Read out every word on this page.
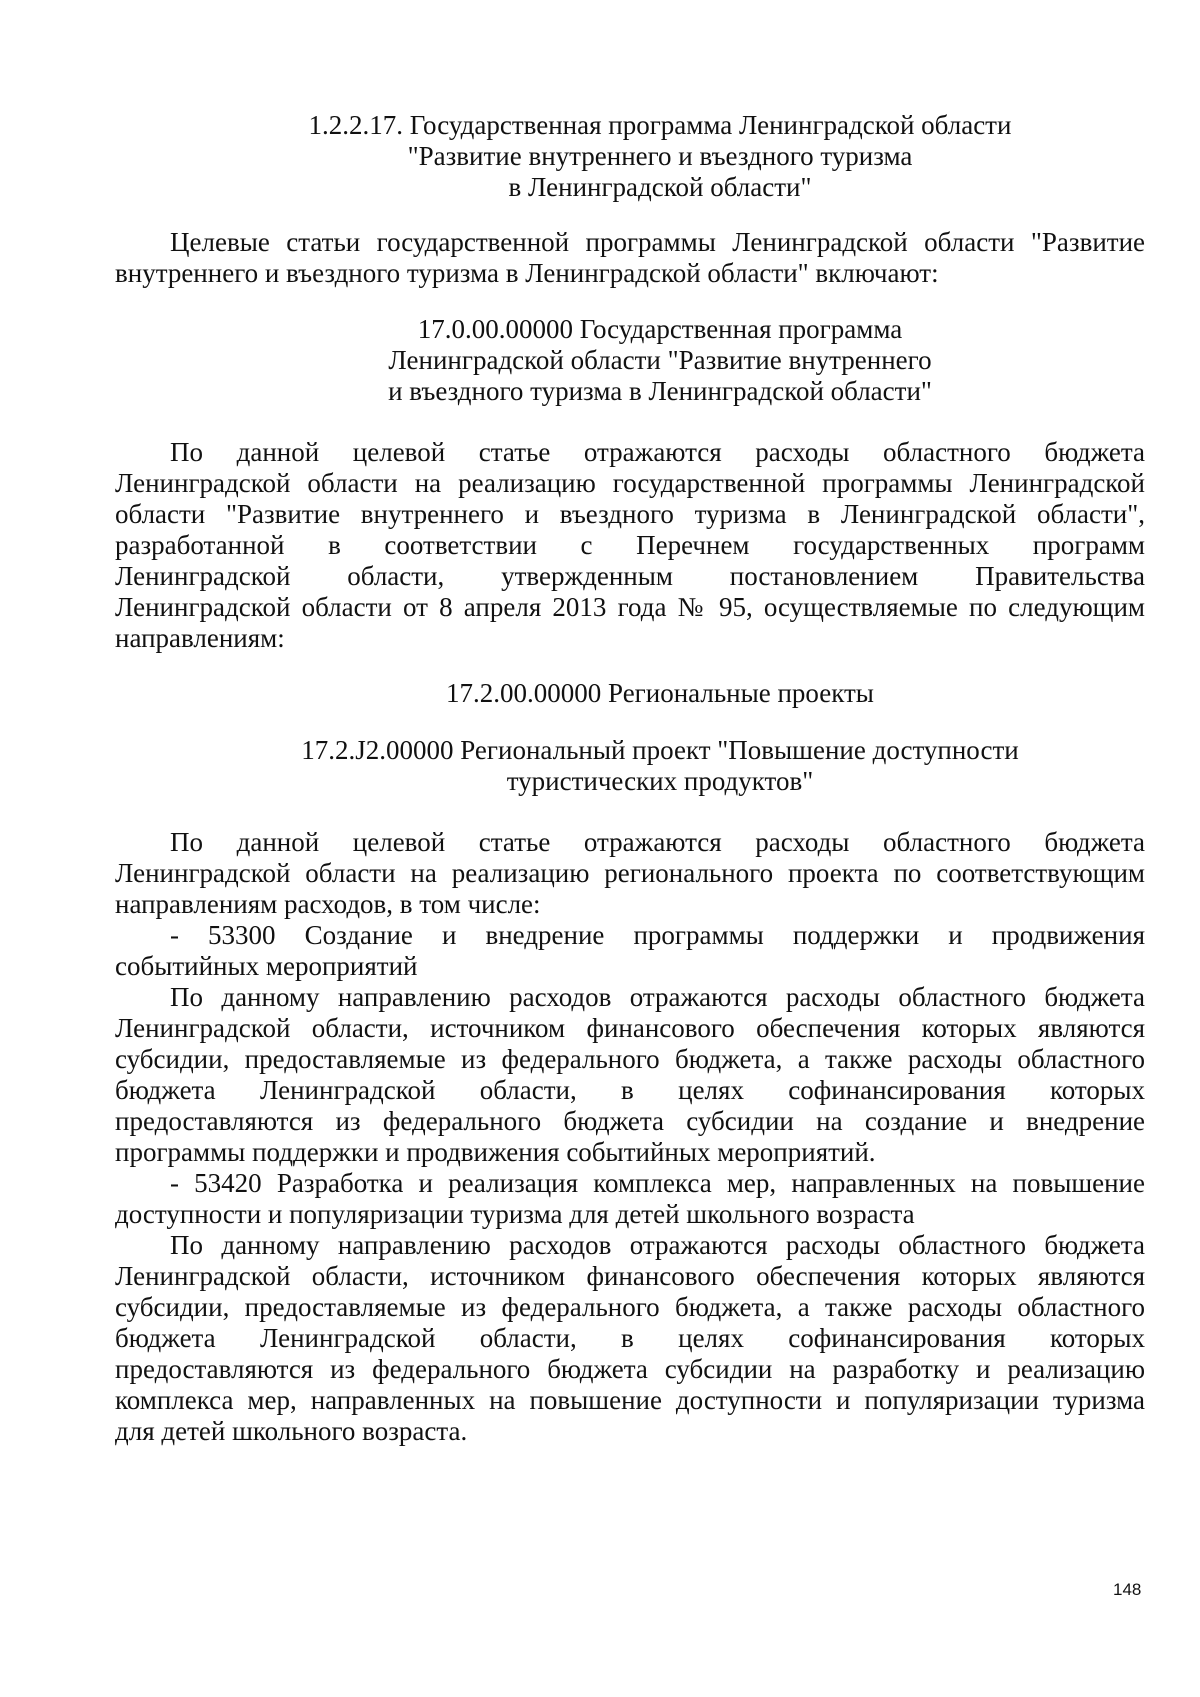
1.2.2.17. Государственная программа Ленинградской области
"Развитие внутреннего и въездного туризма
в Ленинградской области"
Целевые статьи государственной программы Ленинградской области "Развитие
внутреннего и въездного туризма в Ленинградской области" включают:
17.0.00.00000 Государственная программа
Ленинградской области "Развитие внутреннего
и въездного туризма в Ленинградской области"
По данной целевой статье отражаются расходы областного бюджета
Ленинградской области на реализацию государственной программы Ленинградской
области "Развитие внутреннего и въездного туризма в Ленинградской области",
разработанной в соответствии с Перечнем государственных программ
Ленинградской области, утвержденным постановлением Правительства
Ленинградской области от 8 апреля 2013 года № 95, осуществляемые по следующим
направлениям:
17.2.00.00000 Региональные проекты
17.2.J2.00000 Региональный проект "Повышение доступности
туристических продуктов"
По данной целевой статье отражаются расходы областного бюджета
Ленинградской области на реализацию регионального проекта по соответствующим
направлениям расходов, в том числе:
- 53300 Создание и внедрение программы поддержки и продвижения
событийных мероприятий
По данному направлению расходов отражаются расходы областного бюджета
Ленинградской области, источником финансового обеспечения которых являются
субсидии, предоставляемые из федерального бюджета, а также расходы областного
бюджета Ленинградской области, в целях софинансирования которых
предоставляются из федерального бюджета субсидии на создание и внедрение
программы поддержки и продвижения событийных мероприятий.
- 53420 Разработка и реализация комплекса мер, направленных на повышение
доступности и популяризации туризма для детей школьного возраста
По данному направлению расходов отражаются расходы областного бюджета
Ленинградской области, источником финансового обеспечения которых являются
субсидии, предоставляемые из федерального бюджета, а также расходы областного
бюджета Ленинградской области, в целях софинансирования которых
предоставляются из федерального бюджета субсидии на разработку и реализацию
комплекса мер, направленных на повышение доступности и популяризации туризма
для детей школьного возраста.
148
